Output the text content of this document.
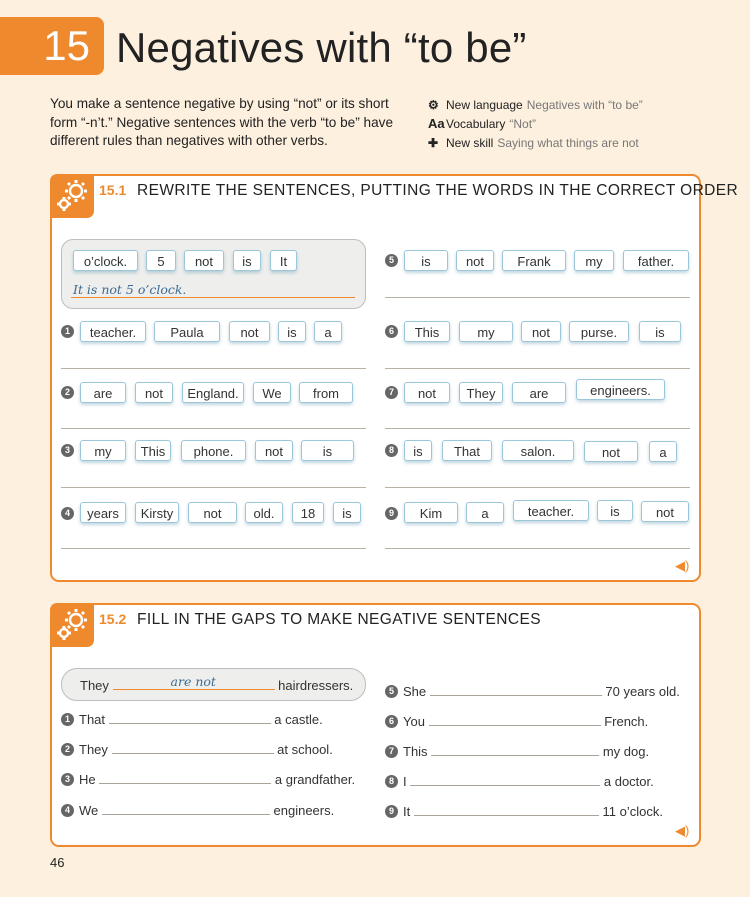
15 Negatives with “to be”
You make a sentence negative by using “not” or its short form “-n’t.” Negative sentences with the verb “to be” have different rules than negatives with other verbs.
⚙ New language Negatives with “to be”
AaVocabulary “Not”
✚ New skill Saying what things are not
15.1 REWRITE THE SENTENCES, PUTTING THE WORDS IN THE CORRECT ORDER
o’clock.	5	not	is	It
It is not 5 o’clock.
1	teacher.	Paula	not	is	a
2	are	not	England.	We	from
3	my	This	phone.	not	is
4	years	Kirsty	not	old.	18	is
5	is	not	Frank	my	father.
6	This	my	not	purse.	is
7	not	They	are	engineers.
8	is	That	salon.	not	a
9	Kim	a	teacher.	is	not
◀)
15.2 FILL IN THE GAPS TO MAKE NEGATIVE SENTENCES
They	are not	hairdressers.
1 That	a castle.
2 They	at school.
3 He	a grandfather.
4 We	engineers.
5 She	70 years old.
6 You	French.
7 This	my dog.
8 I	a doctor.
9 It	11 o’clock.
◀)
46
